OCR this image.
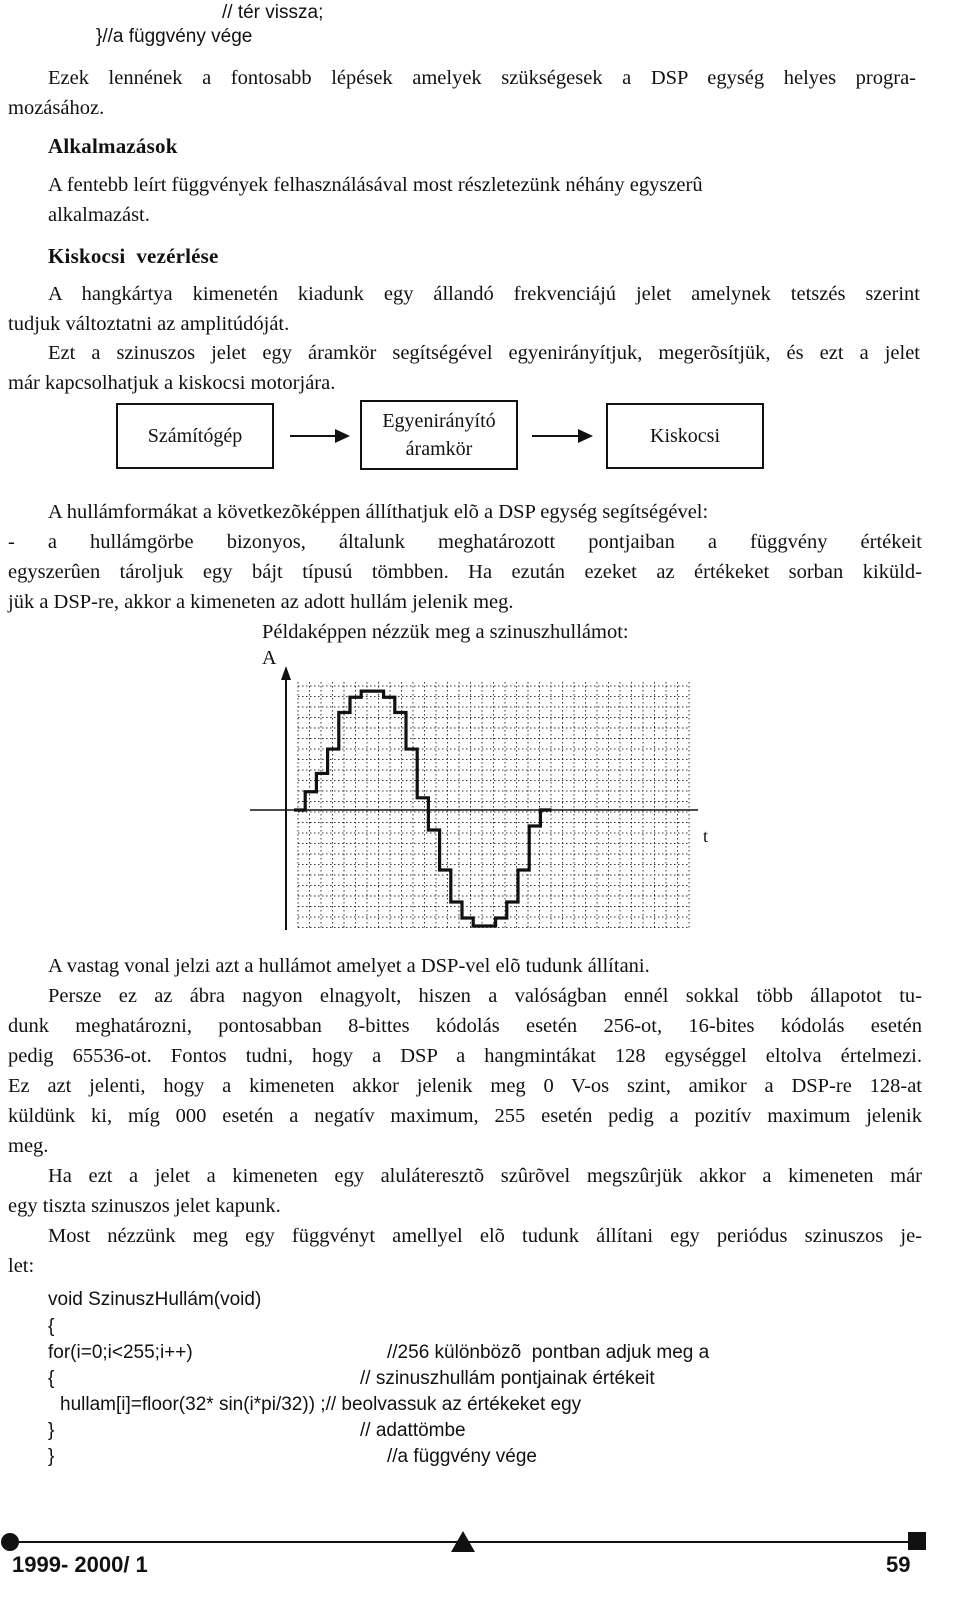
// tér vissza;
}//a függvény vége
Ezek lennének a fontosabb lépések amelyek szükségesek a DSP egység helyes progra-
mozásához.
Alkalmazások
A fentebb leírt függvények felhasználásával most részletezünk néhány egyszerû
alkalmazást.
Kiskocsi  vezérlése
A hangkártya kimenetén kiadunk egy állandó frekvenciájú jelet amelynek tetszés szerint
tudjuk változtatni az amplitúdóját.
Ezt a szinuszos jelet egy áramkör segítségével egyenirányítjuk, megerõsítjük, és ezt a jelet
már kapcsolhatjuk a kiskocsi motorjára.
Számítógép
Egyenirányító
áramkör
Kiskocsi
A hullámformákat a következõképpen állíthatjuk elõ a DSP egység segítségével:
- a hullámgörbe bizonyos, általunk meghatározott pontjaiban a függvény értékeit
egyszerûen tároljuk egy bájt típusú tömbben. Ha ezután ezeket az értékeket sorban kiküld-
jük a DSP-re, akkor a kimeneten az adott hullám jelenik meg.
Példaképpen nézzük meg a szinuszhullámot:
A
t
A vastag vonal jelzi azt a hullámot amelyet a DSP-vel elõ tudunk állítani.
Persze ez az ábra nagyon elnagyolt, hiszen a valóságban ennél sokkal több állapotot tu-
dunk meghatározni, pontosabban 8-bittes kódolás esetén 256-ot, 16-bites kódolás esetén
pedig 65536-ot. Fontos tudni, hogy a DSP a hangmintákat 128 egységgel eltolva értelmezi.
Ez azt jelenti, hogy a kimeneten akkor jelenik meg 0 V-os szint, amikor a DSP-re 128-at
küldünk ki, míg 000 esetén a negatív maximum, 255 esetén pedig a pozitív maximum jelenik
meg.
Ha ezt a jelet a kimeneten egy aluláteresztõ szûrõvel megszûrjük akkor a kimeneten már
egy tiszta szinuszos jelet kapunk.
Most nézzünk meg egy függvényt amellyel elõ tudunk állítani egy periódus szinuszos je-
let:
void SzinuszHullám(void)
{
for(i=0;i<255;i++)	//256 különbözõ  pontban adjuk meg a
{	// szinuszhullám pontjainak értékeit
hullam[i]=floor(32* sin(i*pi/32)) ;// beolvassuk az értékeket egy
}	// adattömbe
}	//a függvény vége
1999- 2000/ 1	59
